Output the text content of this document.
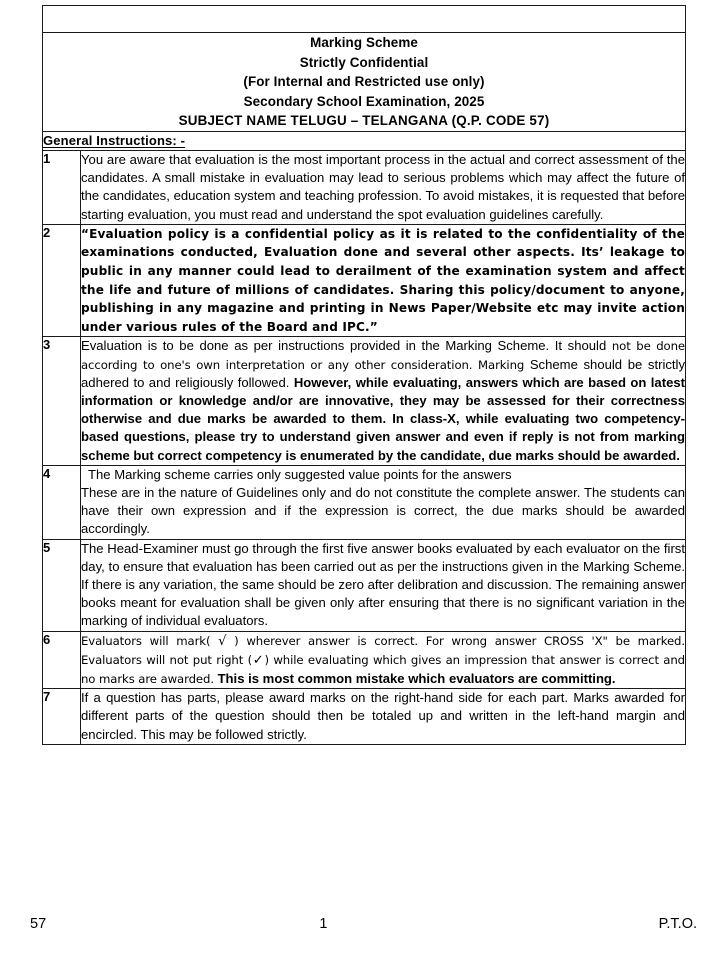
Marking Scheme
Strictly Confidential
(For Internal and Restricted use only)
Secondary School Examination, 2025
SUBJECT NAME TELUGU – TELANGANA (Q.P. CODE 57)	

General Instructions: -	
1	You are aware that evaluation is the most important process in the actual and correct assessment of the candidates. A small mistake in evaluation may lead to serious problems which may affect the future of the candidates, education system and teaching profession. To avoid mistakes, it is requested that before starting evaluation, you must read and understand the spot evaluation guidelines carefully.

2	“Evaluation policy is a confidential policy as it is related to the confidentiality of the examinations conducted, Evaluation done and several other aspects. Its’ leakage to public in any manner could lead to derailment of the examination system and affect the life and future of millions of candidates. Sharing this policy/document to anyone, publishing in any magazine and printing in News Paper/Website etc may invite action under various rules of the Board and IPC.”

3	Evaluation is to be done as per instructions provided in the Marking Scheme. It should not be done according to one's own interpretation or any other consideration. Marking Scheme should be strictly adhered to and religiously followed. However, while evaluating, answers which are based on latest information or knowledge and/or are innovative, they may be assessed for their correctness otherwise and due marks be awarded to them. In class-X, while evaluating two competency-based questions, please try to understand given answer and even if reply is not from marking scheme but correct competency is enumerated by the candidate, due marks should be awarded.

4	The Marking scheme carries only suggested value points for the answers

These are in the nature of Guidelines only and do not constitute the complete answer. The students can have their own expression and if the expression is correct, the due marks should be awarded accordingly.

5	The Head-Examiner must go through the first five answer books evaluated by each evaluator on the first day, to ensure that evaluation has been carried out as per the instructions given in the Marking Scheme. If there is any variation, the same should be zero after delibration and discussion. The remaining answer books meant for evaluation shall be given only after ensuring that there is no significant variation in the marking of individual evaluators.

6	Evaluators will mark( √ ) wherever answer is correct. For wrong answer CROSS 'X" be marked. Evaluators will not put right (✓) while evaluating which gives an impression that answer is correct and no marks are awarded. This is most common mistake which evaluators are committing.

7	If a question has parts, please award marks on the right-hand side for each part. Marks awarded for different parts of the question should then be totaled up and written in the left-hand margin and encircled. This may be followed strictly.

57	1	P.T.O.
